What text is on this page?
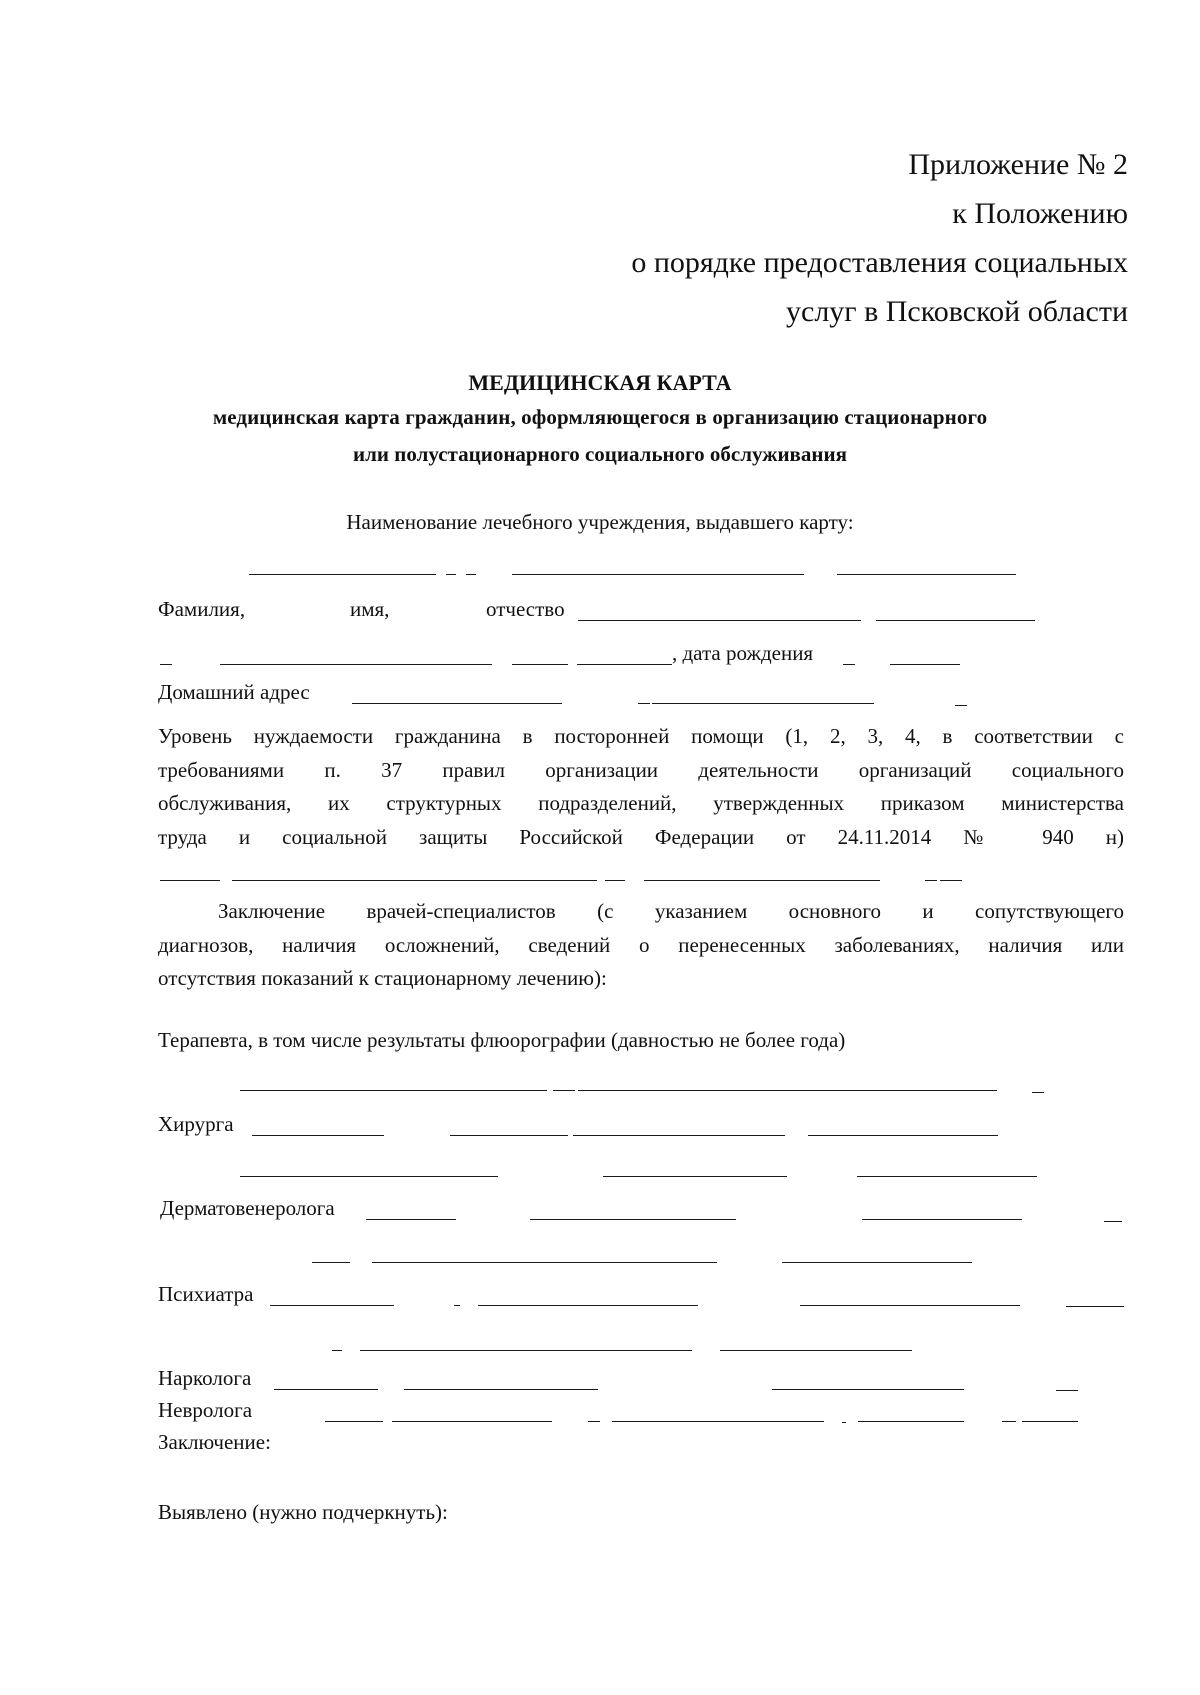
Приложение № 2
к Положению
о порядке предоставления социальных
услуг в Псковской области
МЕДИЦИНСКАЯ КАРТА
медицинская карта гражданин, оформляющегося в организацию стационарного
или полустационарного социального обслуживания
Наименование лечебного учреждения, выдавшего карту:
Фамилия,	имя,	отчество
, дата рождения
Домашний адрес
Уровень нуждаемости гражданина в посторонней помощи (1, 2, 3, 4, в соответствии с
требованиями п. 37 правил организации деятельности организаций социального
обслуживания, их структурных подразделений, утвержденных приказом министерства
труда и социальной защиты Российской Федерации от 24.11.2014 № 940 н)
Заключение врачей-специалистов (с указанием основного и сопутствующего
диагнозов, наличия осложнений, сведений о перенесенных заболеваниях, наличия или
отсутствия показаний к стационарному лечению):
Терапевта, в том числе результаты флюорографии (давностью не более года)
Хирурга
Дерматовенеролога
Психиатра
Нарколога
Невролога
Заключение:
Выявлено (нужно подчеркнуть):
